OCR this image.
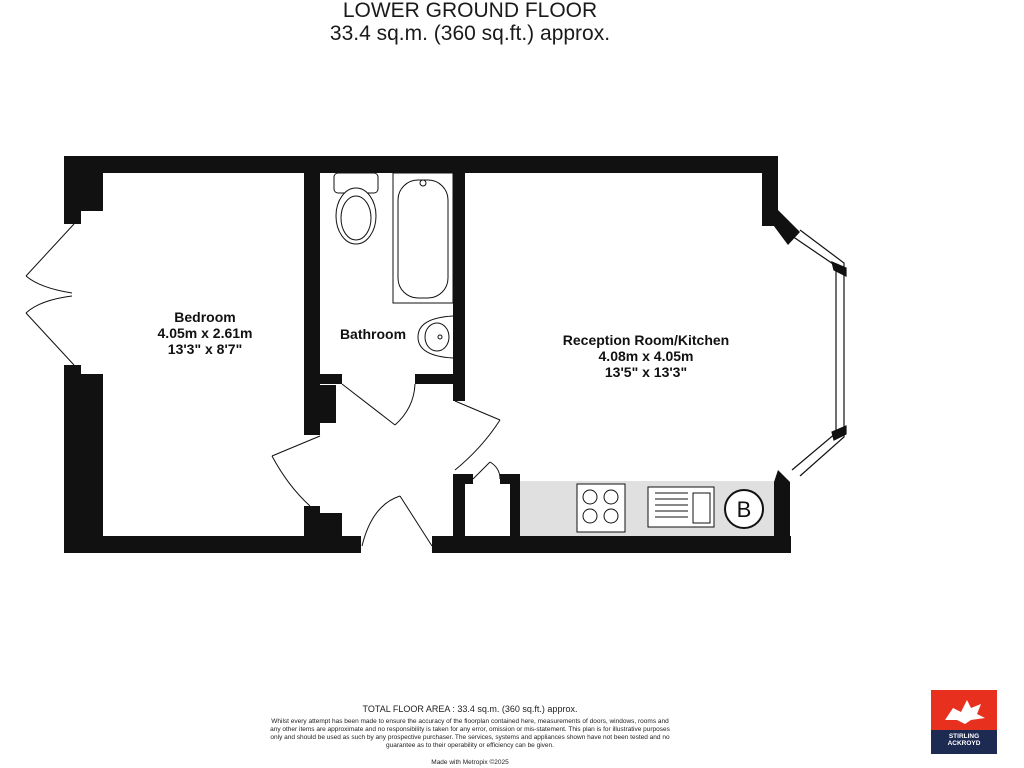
LOWER GROUND FLOOR
33.4 sq.m. (360 sq.ft.) approx.
B
Bedroom
4.05m x 2.61m
13'3" x 8'7"
Bathroom	Reception Room/Kitchen
4.08m x 4.05m
13'5" x 13'3"
TOTAL FLOOR AREA : 33.4 sq.m. (360 sq.ft.) approx.
Whilst every attempt has been made to ensure the accuracy of the floorplan contained here, measurements of doors, windows, rooms and any other items are approximate and no responsibility is taken for any error, omission or mis-statement. This plan is for illustrative purposes only and should be used as such by any prospective purchaser. The services, systems and appliances shown have not been tested and no guarantee as to their operability or efficiency can be given.
Made with Metropix ©2025
STIRLING
ACKROYD
